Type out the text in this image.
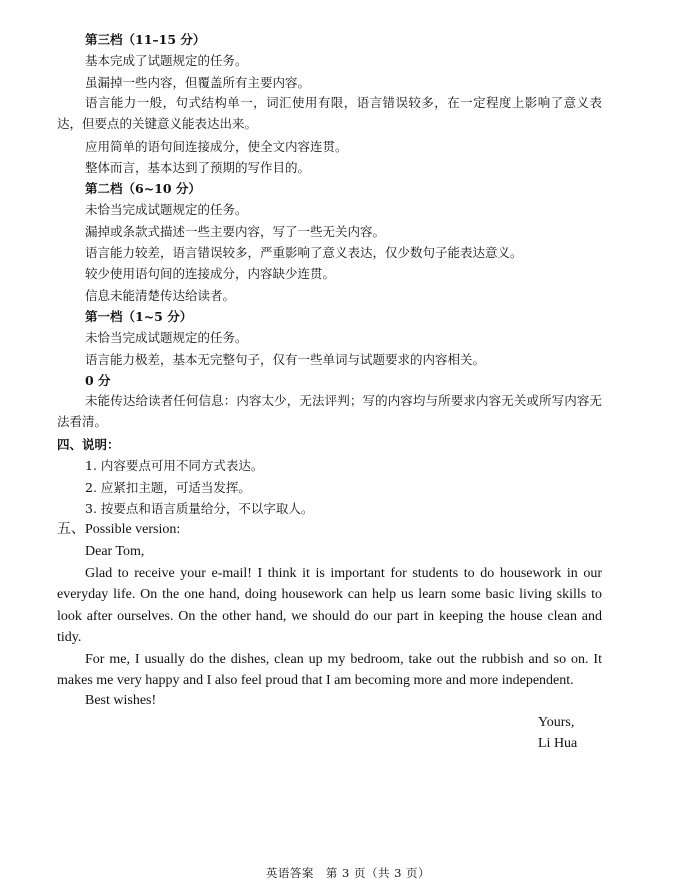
第三档（11–15 分）
基本完成了试题规定的任务。
虽漏掉一些内容，但覆盖所有主要内容。
语言能力一般，句式结构单一，词汇使用有限，语言错误较多，在一定程度上影响了意义表达，但要点的关键意义能表达出来。
应用简单的语句间连接成分，使全文内容连贯。
整体而言，基本达到了预期的写作目的。
第二档（6~10 分）
未恰当完成试题规定的任务。
漏掉或条款式描述一些主要内容，写了一些无关内容。
语言能力较差，语言错误较多，严重影响了意义表达，仅少数句子能表达意义。
较少使用语句间的连接成分，内容缺少连贯。
信息未能清楚传达给读者。
第一档（1~5 分）
未恰当完成试题规定的任务。
语言能力极差，基本无完整句子，仅有一些单词与试题要求的内容相关。
0 分
未能传达给读者任何信息：内容太少，无法评判；写的内容均与所要求内容无关或所写内容无法看清。
四、说明：
1. 内容要点可用不同方式表达。
2. 应紧扣主题，可适当发挥。
3. 按要点和语言质量给分，不以字取人。
五、Possible version:
Dear Tom,
Glad to receive your e-mail! I think it is important for students to do housework in our everyday life. On the one hand, doing housework can help us learn some basic living skills to look after ourselves. On the other hand, we should do our part in keeping the house clean and tidy.
For me, I usually do the dishes, clean up my bedroom, take out the rubbish and so on. It makes me very happy and I also feel proud that I am becoming more and more independent.
Best wishes!
Yours,
Li Hua
英语答案　第 3 页（共 3 页）
